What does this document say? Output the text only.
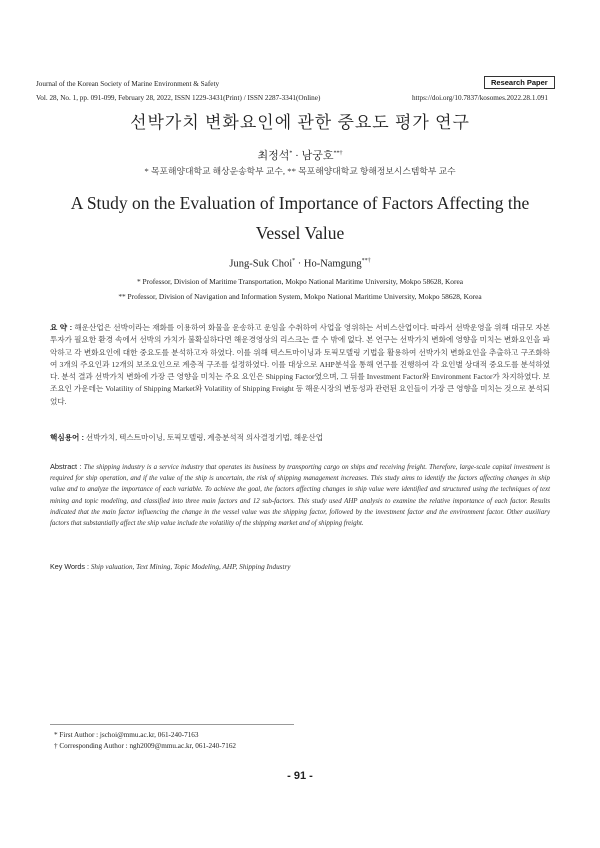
Journal of the Korean Society of Marine Environment & Safety	Research Paper
Vol. 28, No. 1, pp. 091-099, February 28, 2022, ISSN 1229-3431(Print) / ISSN 2287-3341(Online)	https://doi.org/10.7837/kosomes.2022.28.1.091
선박가치 변화요인에 관한 중요도 평가 연구
최정석* · 남궁호**†
* 목포해양대학교 해상운송학부 교수, ** 목포해양대학교 항해정보시스템학부 교수
A Study on the Evaluation of Importance of Factors Affecting the
Vessel Value
Jung-Suk Choi* · Ho-Namgung**†
* Professor, Division of Maritime Transportation, Mokpo National Maritime University, Mokpo 58628, Korea
** Professor, Division of Navigation and Information System, Mokpo National Maritime University, Mokpo 58628, Korea
요 약 : 해운산업은 선박이라는 재화를 이용하여 화물을 운송하고 운임을 수취하여 사업을 영위하는 서비스산업이다. 따라서 선박운영을 위해 대규모 자본투자가 필요한 환경 속에서 선박의 가치가 불확실하다면 해운경영상의 리스크는 클 수 밖에 없다. 본 연구는 선박가치 변화에 영향을 미치는 변화요인을 파악하고 각 변화요인에 대한 중요도를 분석하고자 하였다. 이를 위해 텍스트마이닝과 토픽모델링 기법을 활용하여 선박가치 변화요인을 추출하고 구조화하여 3개의 주요인과 12개의 보조요인으로 계층적 구조를 설정하였다. 이를 대상으로 AHP분석을 통해 연구를 진행하여 각 요인별 상대적 중요도를 분석하였다. 분석 결과 선박가치 변화에 가장 큰 영향을 미치는 주요 요인은 Shipping Factor였으며, 그 뒤를 Investment Factor와 Environment Factor가 차지하였다. 보조요인 가운데는 Volatility of Shipping Market와 Volatility of Shipping Freight 등 해운시장의 변동성과 관련된 요인들이 가장 큰 영향을 미치는 것으로 분석되었다.
핵심용어 : 선박가치, 텍스트마이닝, 토픽모델링, 계층분석적 의사결정기법, 해운산업
Abstract : The shipping industry is a service industry that operates its business by transporting cargo on ships and receiving freight. Therefore, large-scale capital investment is required for ship operation, and if the value of the ship is uncertain, the risk of shipping management increases. This study aims to identify the factors affecting changes in ship value and to analyze the importance of each variable. To achieve the goal, the factors affecting changes in ship value were identified and structured using the techniques of text mining and topic modeling, and classified into three main factors and 12 sub-factors. This study used AHP analysis to examine the relative importance of each factor. Results indicated that the main factor influencing the change in the vessel value was the shipping factor, followed by the investment factor and the environment factor. Other auxiliary factors that substantially affect the ship value include the volatility of the shipping market and of shipping freight.
Key Words : Ship valuation, Text Mining, Topic Modeling, AHP, Shipping Industry
* First Author : jschoi@mmu.ac.kr, 061-240-7163
† Corresponding Author : ngh2009@mmu.ac.kr, 061-240-7162
- 91 -
